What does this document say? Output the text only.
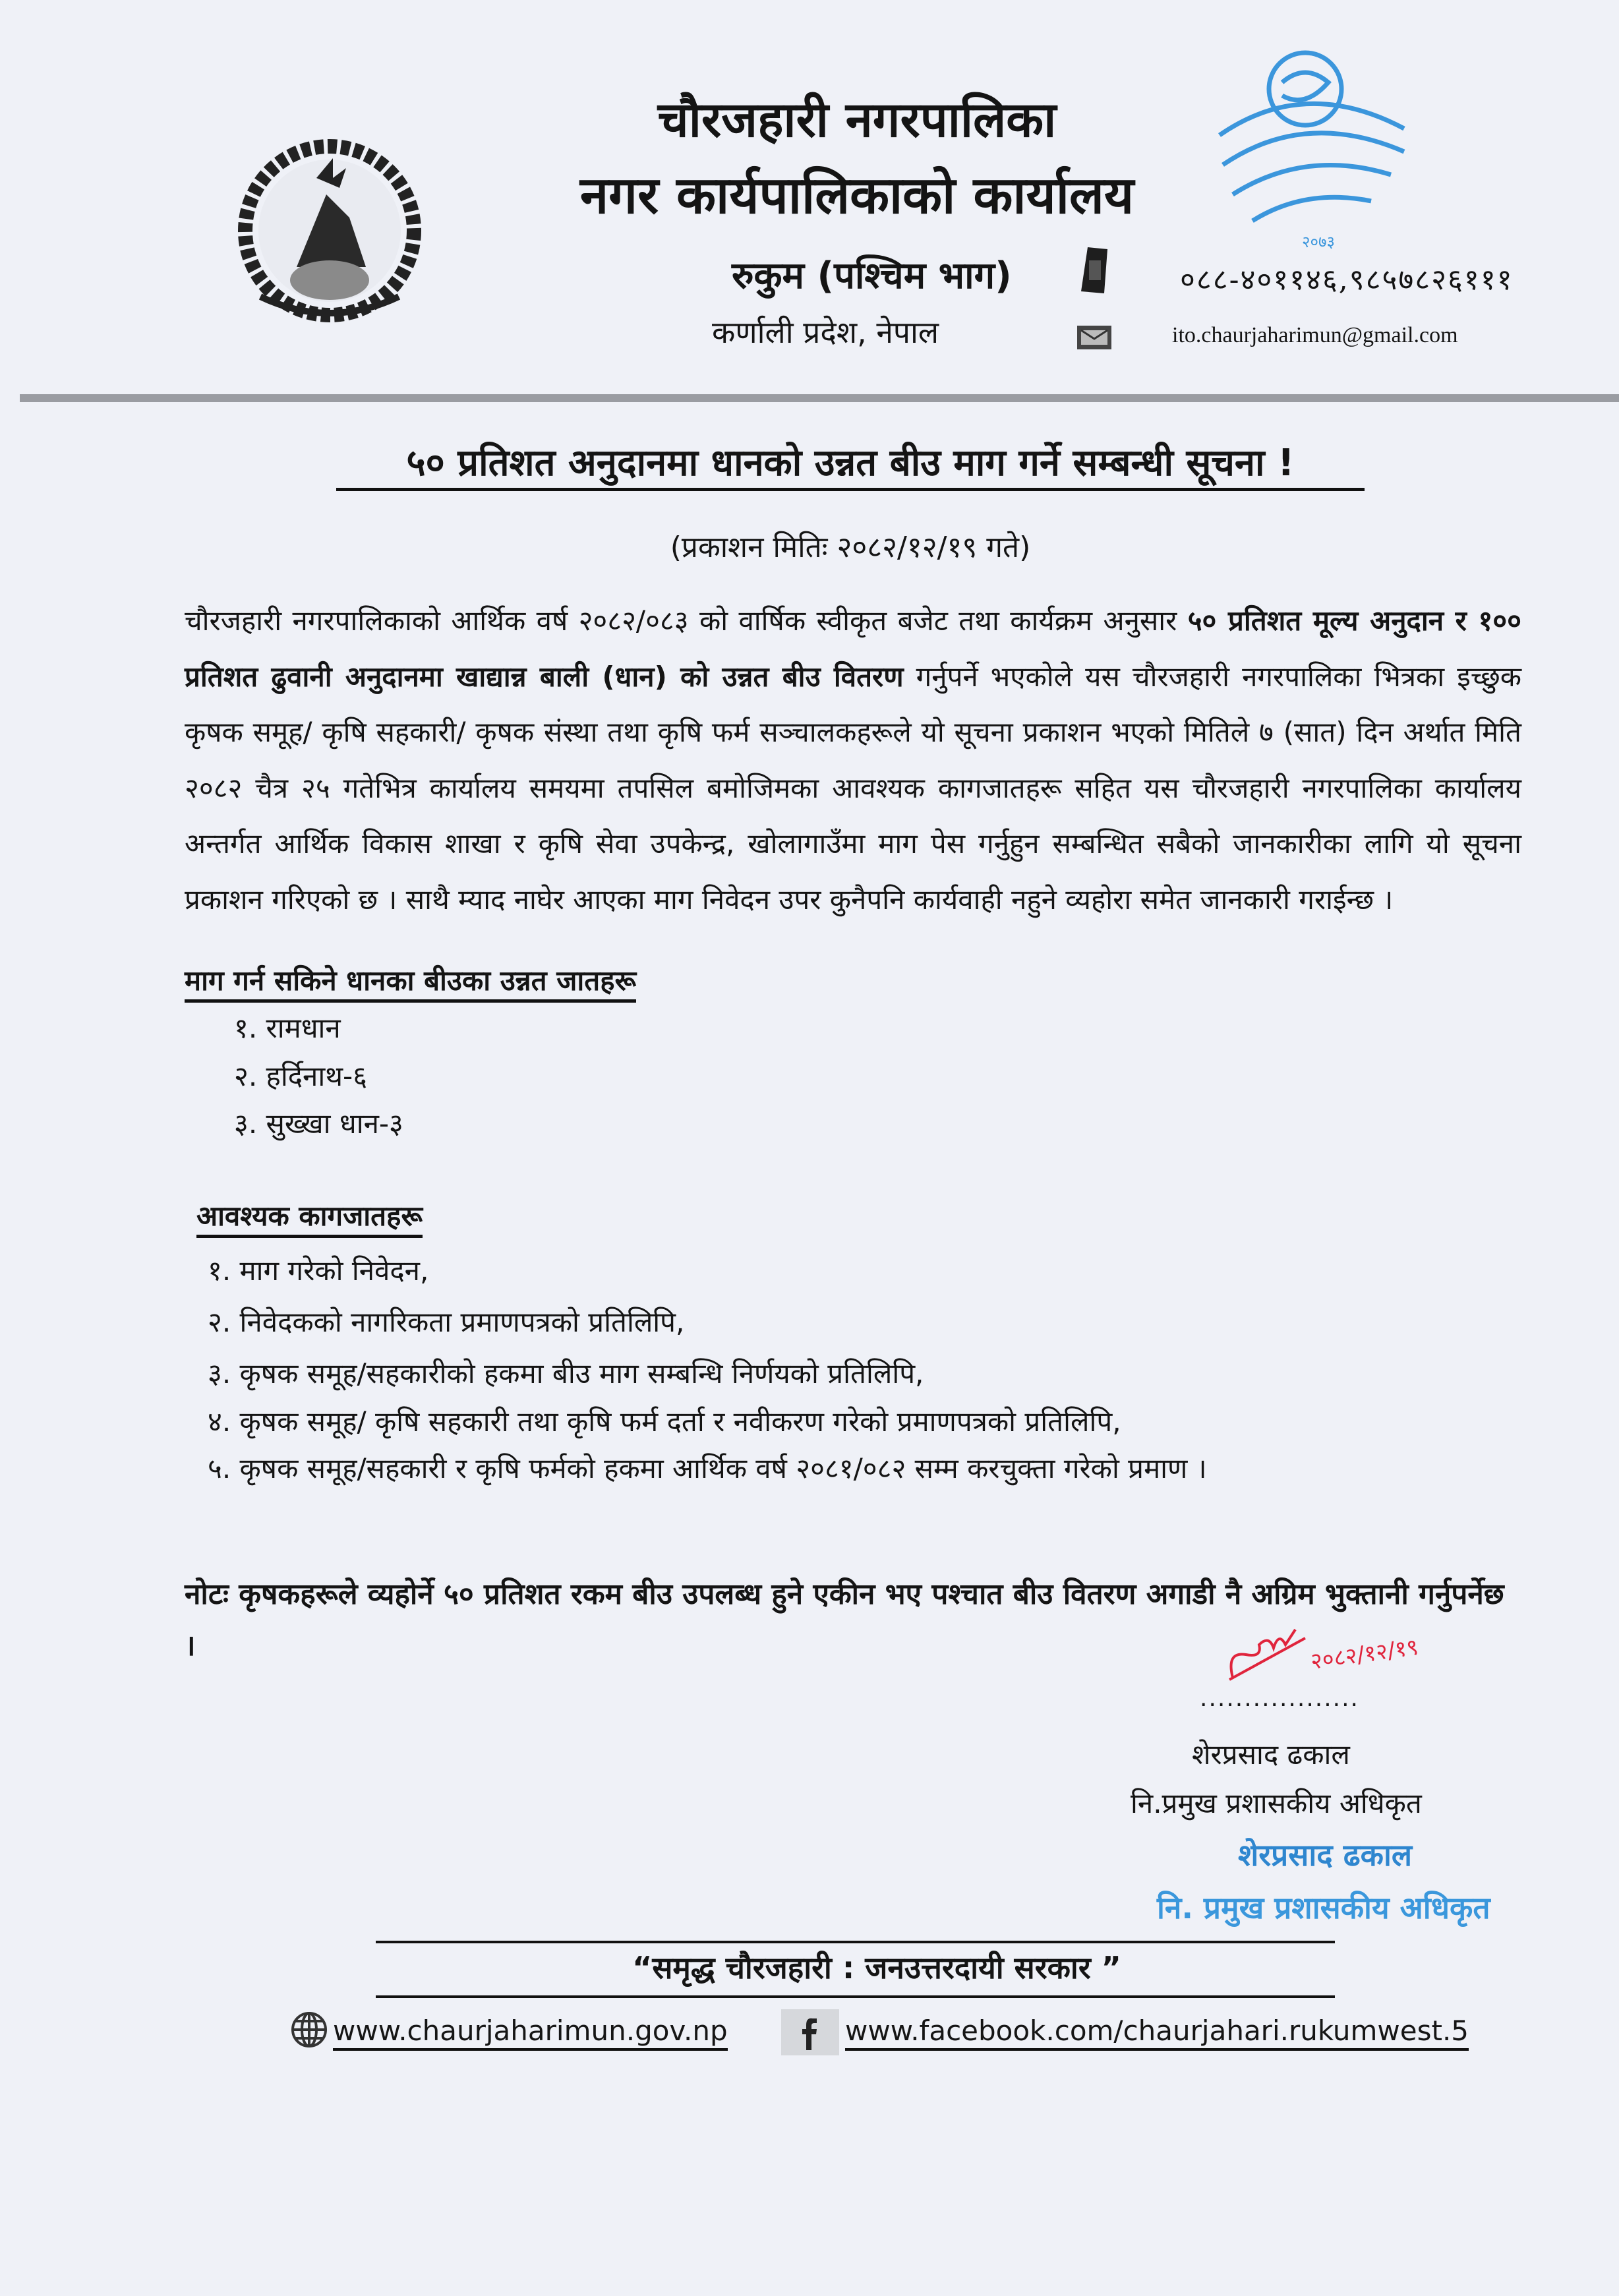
चौरजहारी नगरपालिका
नगर कार्यपालिकाको कार्यालय
रुकुम (पश्चिम भाग)
कर्णाली प्रदेश, नेपाल
०८८-४०११४६,९८५७८२६१११
ito.chaurjaharimun@gmail.com
२०७३
५० प्रतिशत अनुदानमा धानको उन्नत बीउ माग गर्ने सम्बन्धी सूचना !
(प्रकाशन मितिः २०८२/१२/१९ गते)
चौरजहारी नगरपालिकाको आर्थिक वर्ष २०८२/०८३ को वार्षिक स्वीकृत बजेट तथा कार्यक्रम अनुसार ५० प्रतिशत मूल्य अनुदान र १०० प्रतिशत ढुवानी अनुदानमा खाद्यान्न बाली (धान) को उन्नत बीउ वितरण गर्नुपर्ने भएकोले यस चौरजहारी नगरपालिका भित्रका इच्छुक कृषक समूह/ कृषि सहकारी/ कृषक संस्था तथा कृषि फर्म सञ्चालकहरूले यो सूचना प्रकाशन भएको मितिले ७ (सात) दिन अर्थात मिति २०८२ चैत्र २५ गतेभित्र कार्यालय समयमा तपसिल बमोजिमका आवश्यक कागजातहरू सहित यस चौरजहारी नगरपालिका कार्यालय अन्तर्गत आर्थिक विकास शाखा र कृषि सेवा उपकेन्द्र, खोलागाउँमा माग पेस गर्नुहुन सम्बन्धित सबैको जानकारीका लागि यो सूचना प्रकाशन गरिएको छ । साथै म्याद नाघेर आएका माग निवेदन उपर कुनैपनि कार्यवाही नहुने व्यहोरा समेत जानकारी गराईन्छ ।
माग गर्न सकिने धानका बीउका उन्नत जातहरू
१. रामधान
२. हर्दिनाथ-६
३. सुख्खा धान-३
आवश्यक कागजातहरू
१. माग गरेको निवेदन,
२. निवेदकको नागरिकता प्रमाणपत्रको प्रतिलिपि,
३. कृषक समूह/सहकारीको हकमा बीउ माग सम्बन्धि निर्णयको प्रतिलिपि,
४. कृषक समूह/ कृषि सहकारी तथा कृषि फर्म दर्ता र नवीकरण गरेको प्रमाणपत्रको प्रतिलिपि,
५. कृषक समूह/सहकारी र कृषि फर्मको हकमा आर्थिक वर्ष २०८१/०८२ सम्म करचुक्ता गरेको प्रमाण ।
नोटः कृषकहरूले व्यहोर्ने ५० प्रतिशत रकम बीउ उपलब्ध हुने एकीन भए पश्चात बीउ वितरण अगाडी नै अग्रिम भुक्तानी गर्नुपर्नेछ ।	२०८२/१२/१९
..................
शेरप्रसाद ढकाल
नि.प्रमुख प्रशासकीय अधिकृत
शेरप्रसाद ढकाल
नि. प्रमुख प्रशासकीय अधिकृत
“समृद्ध चौरजहारी : जनउत्तरदायी सरकार ”
www.chaurjaharimun.gov.np	www.facebook.com/chaurjahari.rukumwest.5
